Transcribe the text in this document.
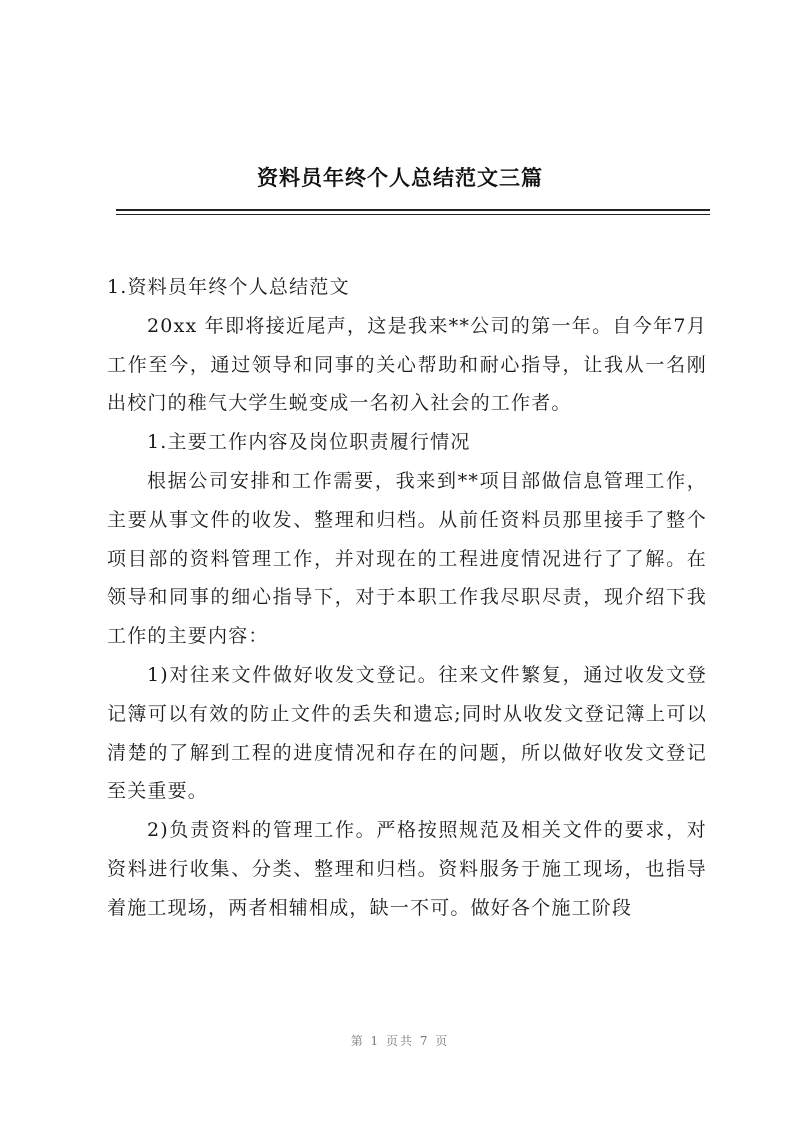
资料员年终个人总结范文三篇

1.资料员年终个人总结范文

20xx 年即将接近尾声，这是我来**公司的第一年。自今年7月工作至今，通过领导和同事的关心帮助和耐心指导，让我从一名刚出校门的稚气大学生蜕变成一名初入社会的工作者。

1.主要工作内容及岗位职责履行情况

根据公司安排和工作需要，我来到**项目部做信息管理工作，主要从事文件的收发、整理和归档。从前任资料员那里接手了整个项目部的资料管理工作，并对现在的工程进度情况进行了了解。在领导和同事的细心指导下，对于本职工作我尽职尽责，现介绍下我工作的主要内容：

1)对往来文件做好收发文登记。往来文件繁复，通过收发文登记簿可以有效的防止文件的丢失和遗忘;同时从收发文登记簿上可以清楚的了解到工程的进度情况和存在的问题，所以做好收发文登记至关重要。

2)负责资料的管理工作。严格按照规范及相关文件的要求，对资料进行收集、分类、整理和归档。资料服务于施工现场，也指导着施工现场，两者相辅相成，缺一不可。做好各个施工阶段

第 1 页共 7 页
